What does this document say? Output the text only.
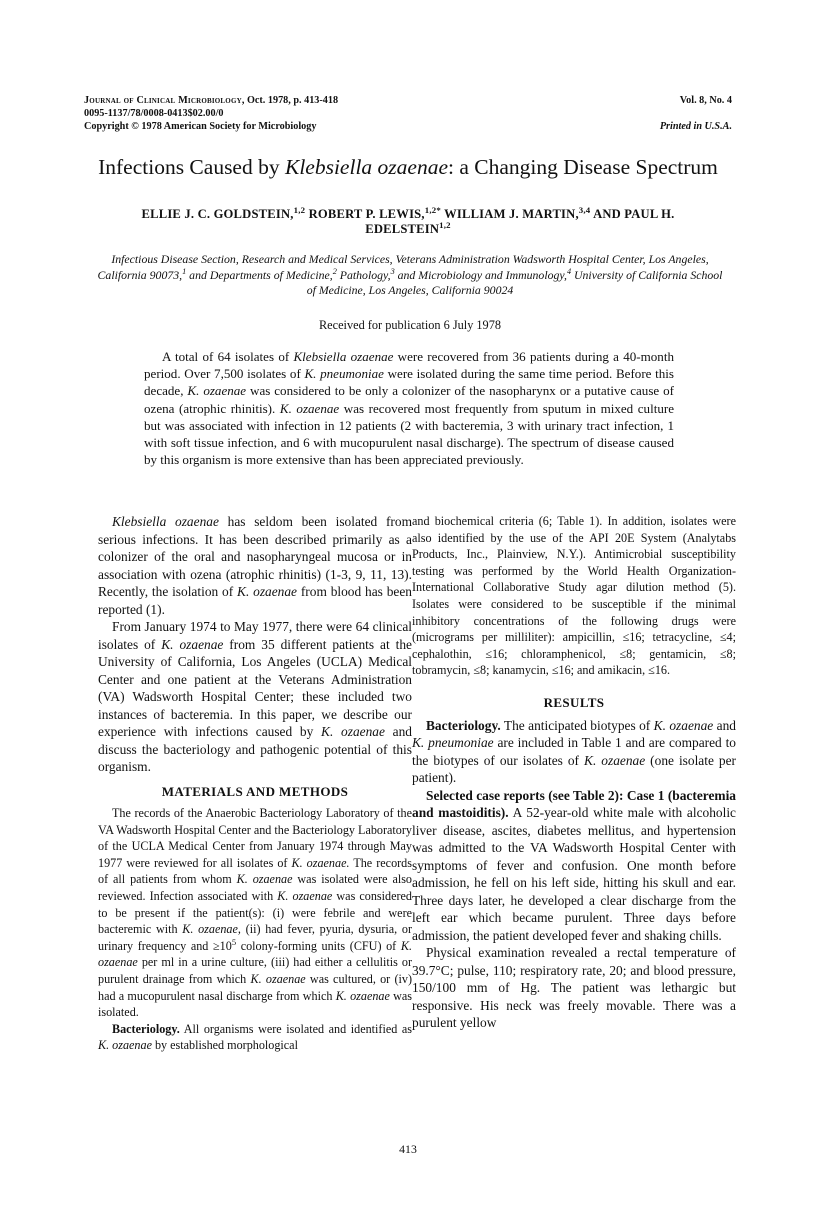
Journal of Clinical Microbiology, Oct. 1978, p. 413-418
0095-1137/78/0008-0413$02.00/0
Copyright © 1978 American Society for Microbiology
Vol. 8, No. 4
Printed in U.S.A.
Infections Caused by Klebsiella ozaenae: a Changing Disease Spectrum
ELLIE J. C. GOLDSTEIN,$^{1,2}$ ROBERT P. LEWIS,$^{1,2*}$ WILLIAM J. MARTIN,$^{3,4}$ AND PAUL H. EDELSTEIN$^{1,2}$
Infectious Disease Section, Research and Medical Services, Veterans Administration Wadsworth Hospital Center, Los Angeles, California 90073,$^1$ and Departments of Medicine,$^2$ Pathology,$^3$ and Microbiology and Immunology,$^4$ University of California School of Medicine, Los Angeles, California 90024
Received for publication 6 July 1978
A total of 64 isolates of Klebsiella ozaenae were recovered from 36 patients during a 40-month period. Over 7,500 isolates of K. pneumoniae were isolated during the same time period. Before this decade, K. ozaenae was considered to be only a colonizer of the nasopharynx or a putative cause of ozena (atrophic rhinitis). K. ozaenae was recovered most frequently from sputum in mixed culture but was associated with infection in 12 patients (2 with bacteremia, 3 with urinary tract infection, 1 with soft tissue infection, and 6 with mucopurulent nasal discharge). The spectrum of disease caused by this organism is more extensive than has been appreciated previously.

Klebsiella ozaenae has seldom been isolated from serious infections. It has been described primarily as a colonizer of the oral and nasopharyngeal mucosa or in association with ozena (atrophic rhinitis) (1-3, 9, 11, 13). Recently, the isolation of K. ozaenae from blood has been reported (1).

From January 1974 to May 1977, there were 64 clinical isolates of K. ozaenae from 35 different patients at the University of California, Los Angeles (UCLA) Medical Center and one patient at the Veterans Administration (VA) Wadsworth Hospital Center; these included two instances of bacteremia. In this paper, we describe our experience with infections caused by K. ozaenae and discuss the bacteriology and pathogenic potential of this organism.

MATERIALS AND METHODS

The records of the Anaerobic Bacteriology Laboratory of the VA Wadsworth Hospital Center and the Bacteriology Laboratory of the UCLA Medical Center from January 1974 through May 1977 were reviewed for all isolates of K. ozaenae. The records of all patients from whom K. ozaenae was isolated were also reviewed. Infection associated with K. ozaenae was considered to be present if the patient(s): (i) were febrile and were bacteremic with K. ozaenae, (ii) had fever, pyuria, dysuria, or urinary frequency and $\ge 10^5$ colony-forming units (CFU) of K. ozaenae per ml in a urine culture, (iii) had either a cellulitis or purulent drainage from which K. ozaenae was cultured, or (iv) had a mucopurulent nasal discharge from which K. ozaenae was isolated.

Bacteriology. All organisms were isolated and identified as K. ozaenae by established morphological

and biochemical criteria (6; Table 1). In addition, isolates were also identified by the use of the API 20E System (Analytabs Products, Inc., Plainview, N.Y.). Antimicrobial susceptibility testing was performed by the World Health Organization-International Collaborative Study agar dilution method (5). Isolates were considered to be susceptible if the minimal inhibitory concentrations of the following drugs were (micrograms per milliliter): ampicillin, ≤16; tetracycline, ≤4; cephalothin, ≤16; chloramphenicol, ≤8; gentamicin, ≤8; tobramycin, ≤8; kanamycin, ≤16; and amikacin, ≤16.

RESULTS

Bacteriology. The anticipated biotypes of K. ozaenae and K. pneumoniae are included in Table 1 and are compared to the biotypes of our isolates of K. ozaenae (one isolate per patient).

Selected case reports (see Table 2): Case 1 (bacteremia and mastoiditis). A 52-year-old white male with alcoholic liver disease, ascites, diabetes mellitus, and hypertension was admitted to the VA Wadsworth Hospital Center with symptoms of fever and confusion. One month before admission, he fell on his left side, hitting his skull and ear. Three days later, he developed a clear discharge from the left ear which became purulent. Three days before admission, the patient developed fever and shaking chills.

Physical examination revealed a rectal temperature of 39.7°C; pulse, 110; respiratory rate, 20; and blood pressure, 150/100 mm of Hg. The patient was lethargic but responsive. His neck was freely movable. There was a purulent yellow

413
